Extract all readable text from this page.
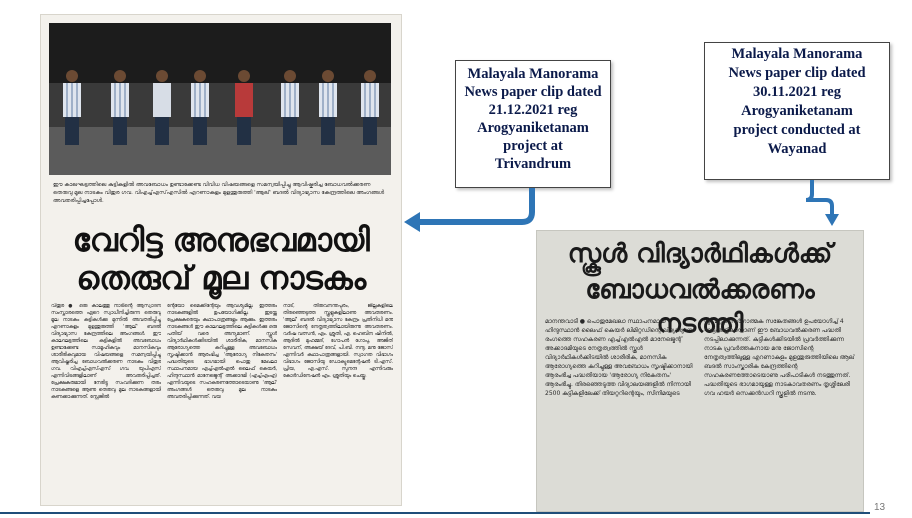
ഈ കാലഘട്ടത്തിലെ കുട്ടികളിൽ അവബോധം ഉണ്ടാക്കേണ്ട വിവിധ വിഷയങ്ങളെ സമന്വയിപ്പിച്ചു ആവിഷ്കരിച്ച ബോധവൽക്കരണ തെരുവു മൂല നാടകം വിതുര ഗവ. വിഎച്ച്എസ്എസിൽ എറണാകുളം മുളന്തുരുത്തി 'ആല്' ബദൽ വിദ്യാഭ്യാസ കേന്ദ്രത്തിലെ അംഗങ്ങൾ അവതരിപ്പിച്ചപ്പോൾ.
വേറിട്ട അനുഭവമായി
തെരുവ് മൂല നാടകം
വിതുര ● ഒരു കാലത്തു നാടിന്റെ ആസ്വാദന സംസ്കാരത്തെ ഏറെ സ്വാധീനിച്ചിരുന്ന തെരുവു മൂല നാടകം കുട്ടികൾക്കു മുന്നിൽ അവതരിപ്പിച്ചു എറണാകുളം മുളന്തുരുത്തി 'ആല്' ബദൽ വിദ്യാഭ്യാസ കേന്ദ്രത്തിലെ അംഗങ്ങൾ. ഈ കാലഘട്ടത്തിലെ കുട്ടികളിൽ അവബോധം ഉണ്ടാക്കേണ്ട സാമൂഹികവും മാനസികവും ശാരീരികവുമായ വിഷയങ്ങളെ സമന്വയിപ്പിച്ചു ആവിഷ്കരിച്ച ബോധവൽക്കരണ നാടകം വിതുര ഗവ. വിഎച്ച്എസ്എസ് ഗവ. യുപിഎസ് എന്നിവിടങ്ങളിലാണ് അവതരിപ്പിച്ചത്. പ്രേക്ഷകരുമായി നേരിട്ടു സംവദിക്കുന്ന തരം നാടകങ്ങളെ ആണു തെരുവു മൂല നാടകങ്ങളായി കണക്കാക്കുന്നത്. സ്റ്റേജിൽ
ന്റേയോ മൈക്കിന്റേയും ആവശ്യമില്ല. ഇത്തരം നാടകങ്ങളിൽ ഉപയോഗിക്കില്ല. ഇടയ്ക്കു പ്രേക്ഷകരെയും കഥാപാത്രങ്ങളും ആക്കും. ഇത്തരം നാടകങ്ങൾ ഈ കാലഘട്ടത്തിലെ കുട്ടികൾക്കു ഒരു പതിയ് വരെ അന്യമാണ്. സ്കൂൾ വിദ്യാർഥികൾക്കിടയിൽ ശാരീരിക, മാനസിക ആരോഗ്യത്തെ കുറിച്ചുള്ള അവബോധം സൃഷ്ടിക്കാൻ ആരംഭിച്ച 'ആരോഗ്യ നികേതനം' പദ്ധതിയുടെ ഭാഗമായി പൊതു മേഖലാ സ്ഥാപനമായ എച്ച്എൽഎൽ ലൈഫ് കെയർ, ഹിന്ദുസ്ഥാൻ മാനേജ്മെന്റ് അക്കാദമി (എച്ച്എംഎ) എന്നിവയുടെ സഹകരണത്തോടെയാണു 'ആല്' അംഗങ്ങൾ തെരുവു മൂല നാടകം അവതരിപ്പിക്കുന്നത്. വയ
നാട്, തിരുവനന്തപുരം, ജില്ലകളിലെ തിരഞ്ഞെടുത്ത സ്കൂളുകളിലാണു അവതരണം. 'ആല്' ബദൽ വിദ്യാഭ്യാസ കേന്ദ്രം പ്രതിനിധി മനു ജോസിന്റെ നേതൃത്വത്തിലായിരുന്നു അവതരണം. വർഷ വത്സൻ, എം. ശ്രുതി, എ. ഹെബിന ഷിനിൽ, ആദിൽ മുഹമ്മദ്, ഗോപൻ ഗോപു, അജിത് സേവന്, അക്ഷയ് ദേവ്, പി.ബി. നന്ദു, മനു ജോസ് എന്നിവർ കഥാപാത്രങ്ങളായി. സ്വാഗത വിഭാഗം വിഭാഗം ജോസിയു ഡോക്യുമെന്റേഷൻ ടി.എസ്. പ്രിയ, എ.എസ്. സുനന്ദ എന്നിവരും കോർഡിനേഷൻ എം. ശ്രുതിയും ചെയ്തു.
Malayala Manorama
News paper clip dated
21.12.2021 reg
Arogyaniketanam
project at
Trivandrum
Malayala Manorama
News paper clip dated
30.11.2021 reg
Arogyaniketanam
project conducted at
Wayanad
സ്കൂൾ വിദ്യാർഥികൾക്ക്
ബോധവൽക്കരണം നടത്തി
മാനന്തവാടി ● പൊതുമേഖലാ സ്ഥാപനമായ ഹിന്ദുസ്ഥാൻ ലൈഫ് കെയർ ലിമിറ്റഡിന്റെ വിദ്യാഭ്യാസ രംഗത്തെ സഹകരണ എച്ച്എൽഎൽ മാനേജ്മെന്റ് അക്കാദമിയുടെ നേതൃത്വത്തിൽ സ്കൂൾ വിദ്യാർഥികൾക്കിടയിൽ ശാരീരിക, മാനസിക ആരോഗ്യത്തെ കുറിച്ചുള്ള അവബോധം സൃഷ്ടിക്കാനായി ആരംഭിച്ച പദ്ധതിയായ 'ആരോഗ്യ നികേതനം' ആരംഭിച്ചു. തിരഞ്ഞെടുത്ത വിദ്യാലയങ്ങളിൽ നിന്നായി 2500 കുട്ടികളിലേക്ക് തിയറ്ററിന്റെയും, സിനിമയുടെ
യും മറ്റും സർഗാത്മക സങ്കേതങ്ങൾ ഉപയോഗിച്ച് 4 ഘട്ടങ്ങളിലായാണ് ഈ ബോധവൽക്കരണ പദ്ധതി നടപ്പിലാക്കുന്നത്. കുട്ടികൾക്കിടയിൽ പ്രവർത്തിക്കുന്ന നാടക പ്രവർത്തകനായ മനു ജോസിന്റെ നേതൃത്വത്തിലുള്ള എറണാകുളം മുളന്തുരുത്തിയിലെ ആല് ബദൽ സാംസ്കാരിക കേന്ദ്രത്തിന്റെ സഹകരണത്തോടെയാണു പരിപാടികൾ നടത്തുന്നത്. പദ്ധതിയുടെ ഭാഗമായുള്ള നാടകാവതരണം തൃശ്ശിലേരി ഗവ ഹയർ സെക്കൻഡറി സ്കൂളിൽ നടന്നു.
13
